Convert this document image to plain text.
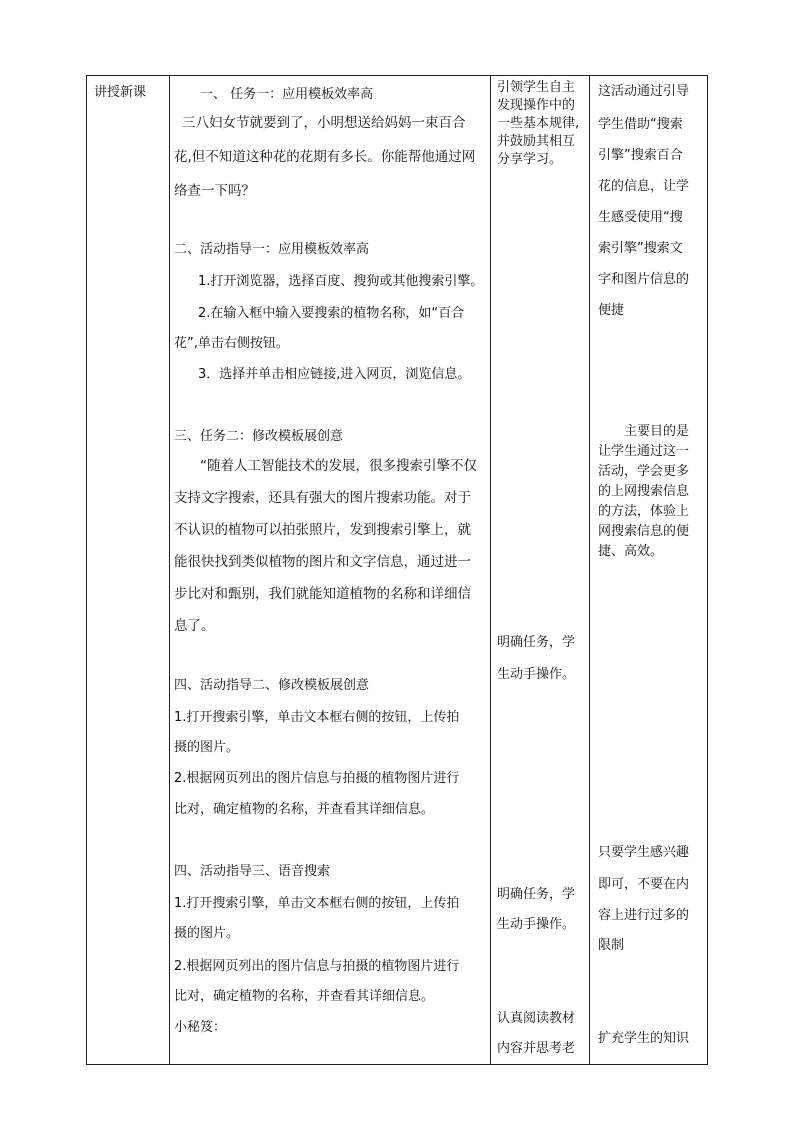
讲授新课	一、 任务一：应用模板效率高
三八妇女节就要到了，小明想送给妈妈一束百合
花,但不知道这种花的花期有多长。你能帮他通过网
络查一下吗？
二、活动指导一：应用模板效率高
1.打开浏览器，选择百度、搜狗或其他搜索引擎。
2.在输入框中输入要搜索的植物名称，如“百合
花”,单击右侧按钮。
3．选择并单击相应链接,进入网页，浏览信息。
三、任务二：修改模板展创意
“随着人工智能技术的发展，很多搜索引擎不仅
支持文字搜索，还具有强大的图片搜索功能。对于
不认识的植物可以拍张照片，发到搜索引擎上，就
能很快找到类似植物的图片和文字信息，通过进一
步比对和甄别，我们就能知道植物的名称和详细信
息了。
四、活动指导二、修改模板展创意
1.打开搜索引擎，单击文本框右侧的按钮，上传拍
摄的图片。
2.根据网页列出的图片信息与拍摄的植物图片进行
比对，确定植物的名称，并查看其详细信息。
四、活动指导三、语音搜索
1.打开搜索引擎，单击文本框右侧的按钮，上传拍
摄的图片。
2.根据网页列出的图片信息与拍摄的植物图片进行
比对，确定植物的名称，并查看其详细信息。
小秘笈：
引领学生自主
发现操作中的
一些基本规律,
并鼓励其相互
分享学习。
明确任务，学
生动手操作。
明确任务，学
生动手操作。
认真阅读教材
内容并思考老
这活动通过引导
学生借助“搜索
引擎”搜索百合
花的信息，让学
生感受使用“搜
索引擎”搜索文
字和图片信息的
便捷
主要目的是
让学生通过这一
活动，学会更多
的上网搜索信息
的方法，体验上
网搜索信息的便
捷、高效。
只要学生感兴趣
即可，不要在内
容上进行过多的
限制
扩充学生的知识
